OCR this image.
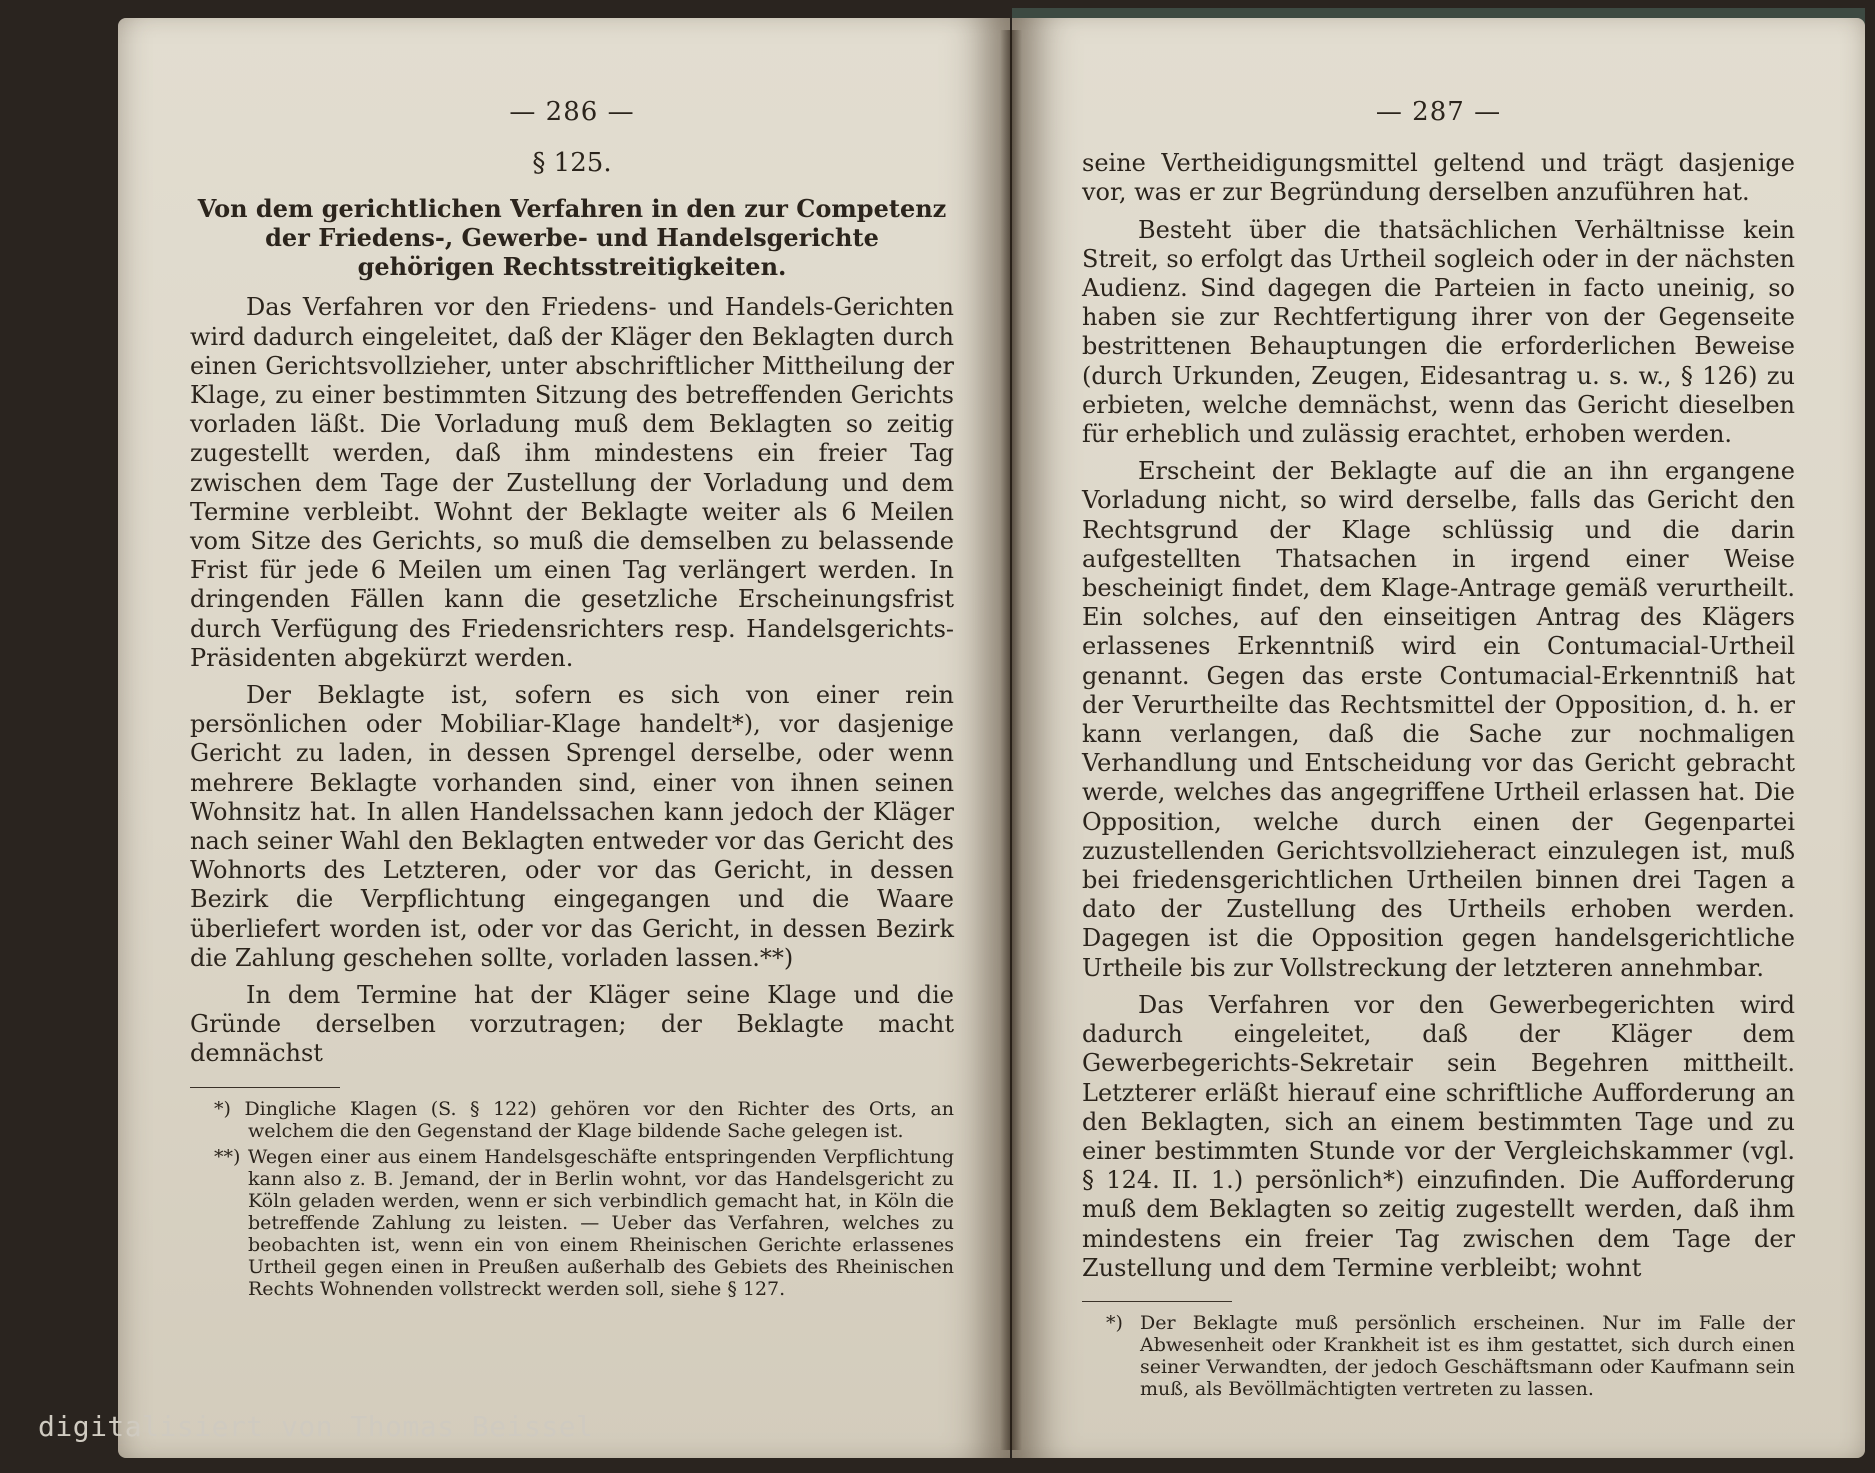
— 286 —
§ 125.
Von dem gerichtlichen Verfahren in den zur Competenz der Friedens-, Gewerbe- und Handelsgerichte gehörigen Rechtsstreitigkeiten.

Das Verfahren vor den Friedens- und Handels-Gerichten wird dadurch eingeleitet, daß der Kläger den Beklagten durch einen Gerichtsvollzieher, unter abschriftlicher Mittheilung der Klage, zu einer bestimmten Sitzung des betreffenden Gerichts vorladen läßt. Die Vorladung muß dem Beklagten so zeitig zugestellt werden, daß ihm mindestens ein freier Tag zwischen dem Tage der Zustellung der Vorladung und dem Termine verbleibt. Wohnt der Beklagte weiter als 6 Meilen vom Sitze des Gerichts, so muß die demselben zu belassende Frist für jede 6 Meilen um einen Tag verlängert werden. In dringenden Fällen kann die gesetzliche Erscheinungsfrist durch Verfügung des Friedensrichters resp. Handelsgerichts-Präsidenten abgekürzt werden.

Der Beklagte ist, sofern es sich von einer rein persönlichen oder Mobiliar-Klage handelt*), vor dasjenige Gericht zu laden, in dessen Sprengel derselbe, oder wenn mehrere Beklagte vorhanden sind, einer von ihnen seinen Wohnsitz hat. In allen Handelssachen kann jedoch der Kläger nach seiner Wahl den Beklagten entweder vor das Gericht des Wohnorts des Letzteren, oder vor das Gericht, in dessen Bezirk die Verpflichtung eingegangen und die Waare überliefert worden ist, oder vor das Gericht, in dessen Bezirk die Zahlung geschehen sollte, vorladen lassen.**)

In dem Termine hat der Kläger seine Klage und die Gründe derselben vorzutragen; der Beklagte macht demnächst

*) Dingliche Klagen (S. § 122) gehören vor den Richter des Orts, an welchem die den Gegenstand der Klage bildende Sache gelegen ist.

**) Wegen einer aus einem Handelsgeschäfte entspringenden Verpflichtung kann also z. B. Jemand, der in Berlin wohnt, vor das Handelsgericht zu Köln geladen werden, wenn er sich verbindlich gemacht hat, in Köln die betreffende Zahlung zu leisten. — Ueber das Verfahren, welches zu beobachten ist, wenn ein von einem Rheinischen Gerichte erlassenes Urtheil gegen einen in Preußen außerhalb des Gebiets des Rheinischen Rechts Wohnenden vollstreckt werden soll, siehe § 127.

— 287 —

seine Vertheidigungsmittel geltend und trägt dasjenige vor, was er zur Begründung derselben anzuführen hat.

Besteht über die thatsächlichen Verhältnisse kein Streit, so erfolgt das Urtheil sogleich oder in der nächsten Audienz. Sind dagegen die Parteien in facto uneinig, so haben sie zur Rechtfertigung ihrer von der Gegenseite bestrittenen Behauptungen die erforderlichen Beweise (durch Urkunden, Zeugen, Eidesantrag u. s. w., § 126) zu erbieten, welche demnächst, wenn das Gericht dieselben für erheblich und zulässig erachtet, erhoben werden.

Erscheint der Beklagte auf die an ihn ergangene Vorladung nicht, so wird derselbe, falls das Gericht den Rechtsgrund der Klage schlüssig und die darin aufgestellten Thatsachen in irgend einer Weise bescheinigt findet, dem Klage-Antrage gemäß verurtheilt. Ein solches, auf den einseitigen Antrag des Klägers erlassenes Erkenntniß wird ein Contumacial-Urtheil genannt. Gegen das erste Contumacial-Erkenntniß hat der Verurtheilte das Rechtsmittel der Opposition, d. h. er kann verlangen, daß die Sache zur nochmaligen Verhandlung und Entscheidung vor das Gericht gebracht werde, welches das angegriffene Urtheil erlassen hat. Die Opposition, welche durch einen der Gegenpartei zuzustellenden Gerichtsvollzieheract einzulegen ist, muß bei friedensgerichtlichen Urtheilen binnen drei Tagen a dato der Zustellung des Urtheils erhoben werden. Dagegen ist die Opposition gegen handelsgerichtliche Urtheile bis zur Vollstreckung der letzteren annehmbar.

Das Verfahren vor den Gewerbegerichten wird dadurch eingeleitet, daß der Kläger dem Gewerbegerichts-Sekretair sein Begehren mittheilt. Letzterer erläßt hierauf eine schriftliche Aufforderung an den Beklagten, sich an einem bestimmten Tage und zu einer bestimmten Stunde vor der Vergleichskammer (vgl. § 124. II. 1.) persönlich*) einzufinden. Die Aufforderung muß dem Beklagten so zeitig zugestellt werden, daß ihm mindestens ein freier Tag zwischen dem Tage der Zustellung und dem Termine verbleibt; wohnt

*) Der Beklagte muß persönlich erscheinen. Nur im Falle der Abwesenheit oder Krankheit ist es ihm gestattet, sich durch einen seiner Verwandten, der jedoch Geschäftsmann oder Kaufmann sein muß, als Bevöllmächtigten vertreten zu lassen.

digitalisiert von Thomas Beissel
